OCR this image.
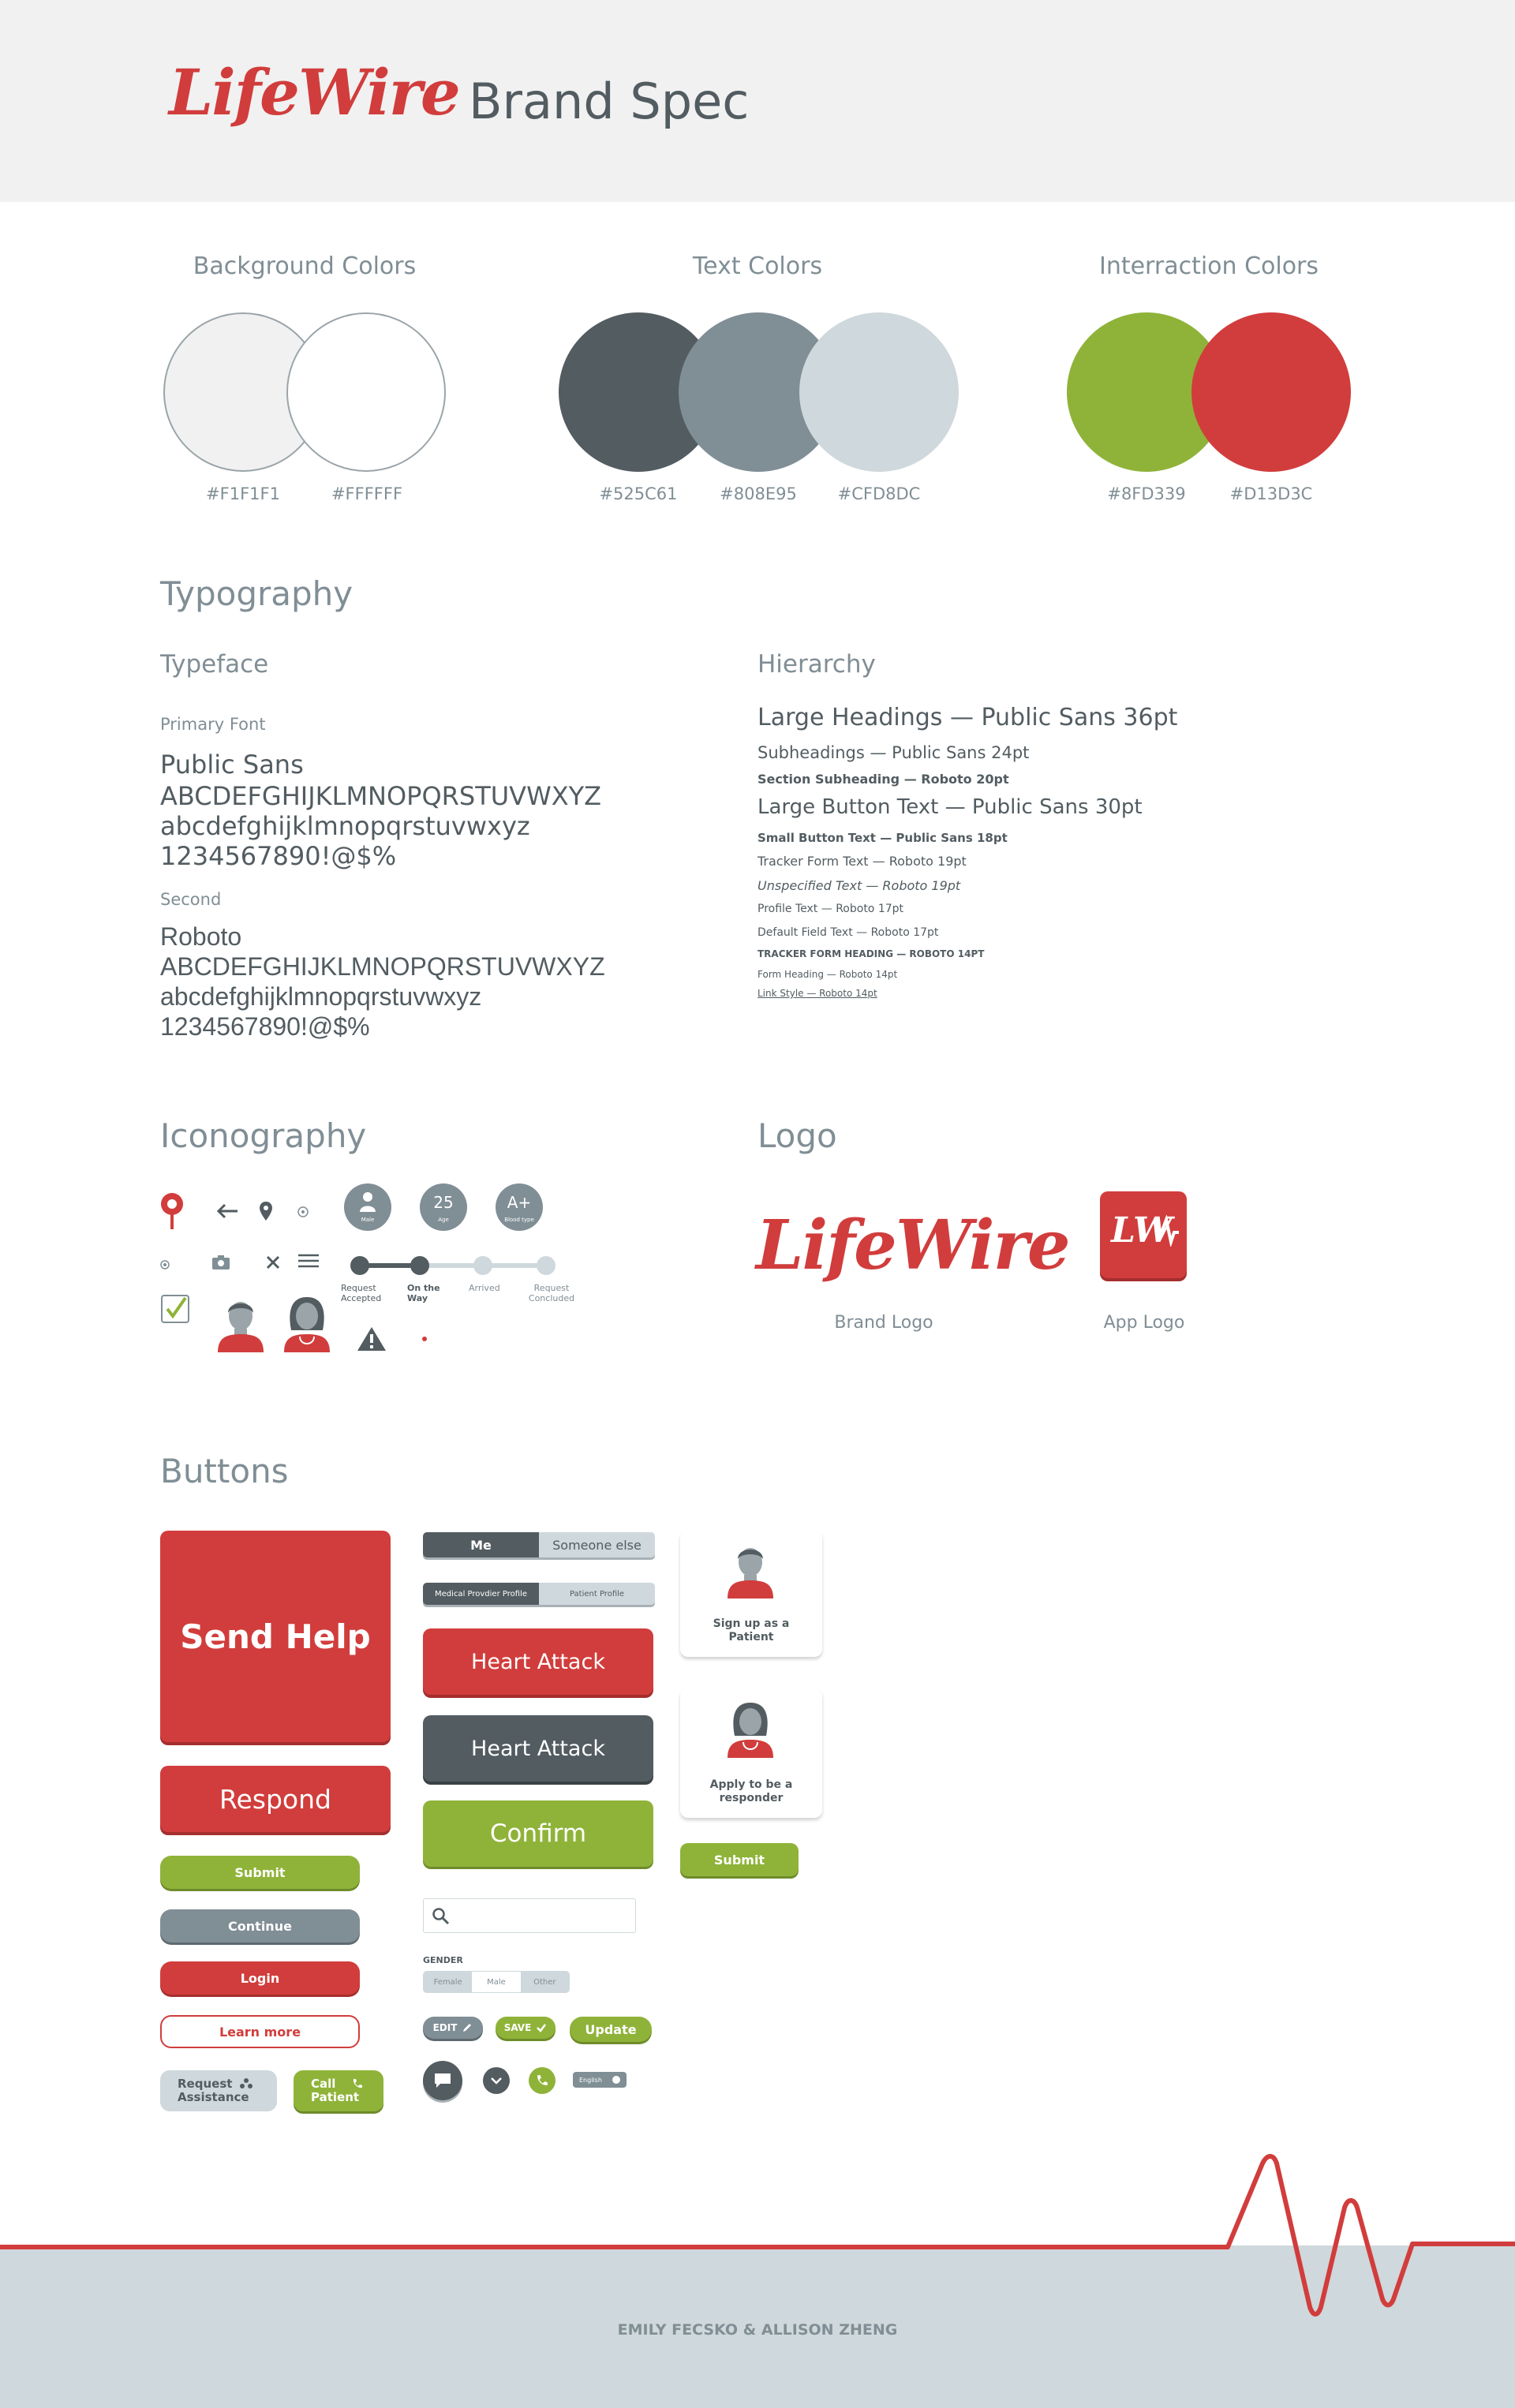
LifeWire Brand Spec
Background Colors
#F1F1F1	#FFFFFF
Text Colors
#525C61	#808E95	#CFD8DC
Interraction Colors
#8FD339	#D13D3C
Typography
Typeface
Primary Font
Public Sans
ABCDEFGHIJKLMNOPQRSTUVWXYZ
abcdefghijklmnopqrstuvwxyz
1234567890!@$%
Second
Roboto
ABCDEFGHIJKLMNOPQRSTUVWXYZ
abcdefghijklmnopqrstuvwxyz
1234567890!@$%
Hierarchy
Large Headings — Public Sans 36pt
Subheadings — Public Sans 24pt
Section Subheading — Roboto 20pt
Large Button Text — Public Sans 30pt
Small Button Text — Public Sans 18pt
Tracker Form Text — Roboto 19pt
Unspecified Text — Roboto 19pt
Profile Text — Roboto 17pt
Default Field Text — Roboto 17pt
TRACKER FORM HEADING — ROBOTO 14PT
Form Heading — Roboto 14pt
Link Style — Roboto 14pt
Iconography
Male
25
Age
A+
Blood type
Request Accepted
On the Way
Arrived	Request Concluded
Logo
LifeWire
Brand Logo
LW
App Logo
Buttons
Send Help
Respond
Submit
Continue
Login
Learn more
Request Assistance
Call Patient
Me	Someone else
Medical Provdier Profile	Patient Profile
Heart Attack
Heart Attack
Confirm
GENDER
Female	Male	Other
EDIT	SAVE	Update
English
Sign up as a Patient
Apply to be a responder
Submit
EMILY FECSKO & ALLISON ZHENG
